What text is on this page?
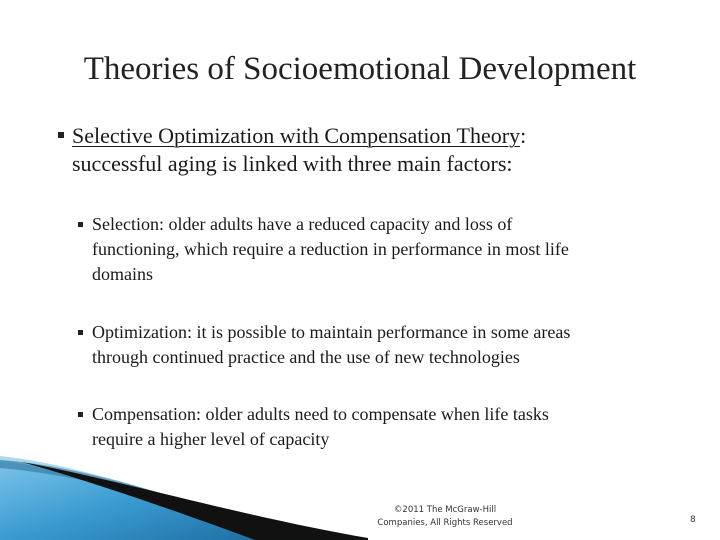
Theories of Socioemotional Development
Selective Optimization with Compensation Theory:
successful aging is linked with three main factors:
Selection: older adults have a reduced capacity and loss of
functioning, which require a reduction in performance in most life
domains
Optimization: it is possible to maintain performance in some areas
through continued practice and the use of new technologies
Compensation: older adults need to compensate when life tasks
require a higher level of capacity
©2011 The McGraw-Hill
Companies, All Rights Reserved	8
